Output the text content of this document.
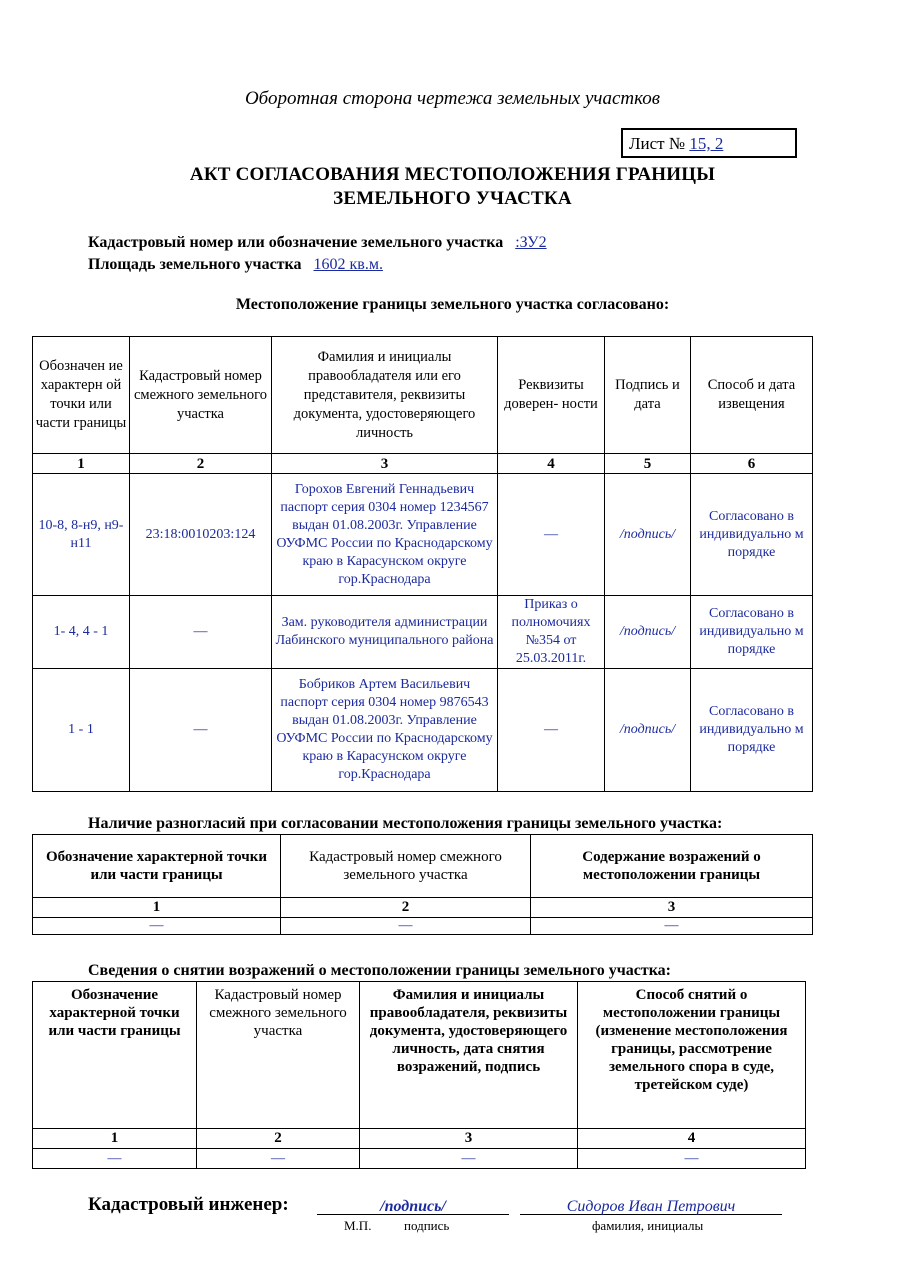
Оборотная сторона чертежа земельных участков
Лист № 15, 2
АКТ СОГЛАСОВАНИЯ МЕСТОПОЛОЖЕНИЯ ГРАНИЦЫ
ЗЕМЕЛЬНОГО УЧАСТКА
Кадастровый номер или обозначение земельного участка :ЗУ2
Площадь земельного участка 1602 кв.м.
Местоположение границы земельного участка согласовано:
Обозначен ие характерн ой точки или части границы	Кадастровый номер смежного земельного участка	Фамилия и инициалы правообладателя или его представителя, реквизиты документа, удостоверяющего личность	Реквизиты доверен- ности	Подпись и дата	Способ и дата извещения
1	2	3	4	5	6
10-8, 8-н9, н9-н11	23:18:0010203:124	Горохов Евгений Геннадьевич паспорт серия 0304 номер 1234567 выдан 01.08.2003г. Управление ОУФМС России по Краснодарскому краю в Карасунском округе гор.Краснодара	—	/подпись/	Согласовано в индивидуально м порядке
1- 4, 4 - 1	—	Зам. руководителя администрации Лабинского муниципального района	Приказ о полномочиях №354 от 25.03.2011г.	/подпись/	Согласовано в индивидуально м порядке
1 - 1	—	Бобриков Артем Васильевич паспорт серия 0304 номер 9876543 выдан 01.08.2003г. Управление ОУФМС России по Краснодарскому краю в Карасунском округе гор.Краснодара	—	/подпись/	Согласовано в индивидуально м порядке
Наличие разногласий при согласовании местоположения границы земельного участка:
Обозначение характерной точки или части границы	Кадастровый номер смежного земельного участка	Содержание возражений о местоположении границы
1	2	3
—	—	—
Сведения о снятии возражений о местоположении границы земельного участка:
Обозначение характерной точки или части границы	Кадастровый номер смежного земельного участка	Фамилия и инициалы правообладателя, реквизиты документа, удостоверяющего личность, дата снятия возражений, подпись	Способ снятий о местоположении границы (изменение местоположения границы, рассмотрение земельного спора в суде, третейском суде)
1	2	3	4
—	—	—	—
Кадастровый инженер:	/подпись/	Сидоров Иван Петрович
М.П.	подпись	фамилия, инициалы
